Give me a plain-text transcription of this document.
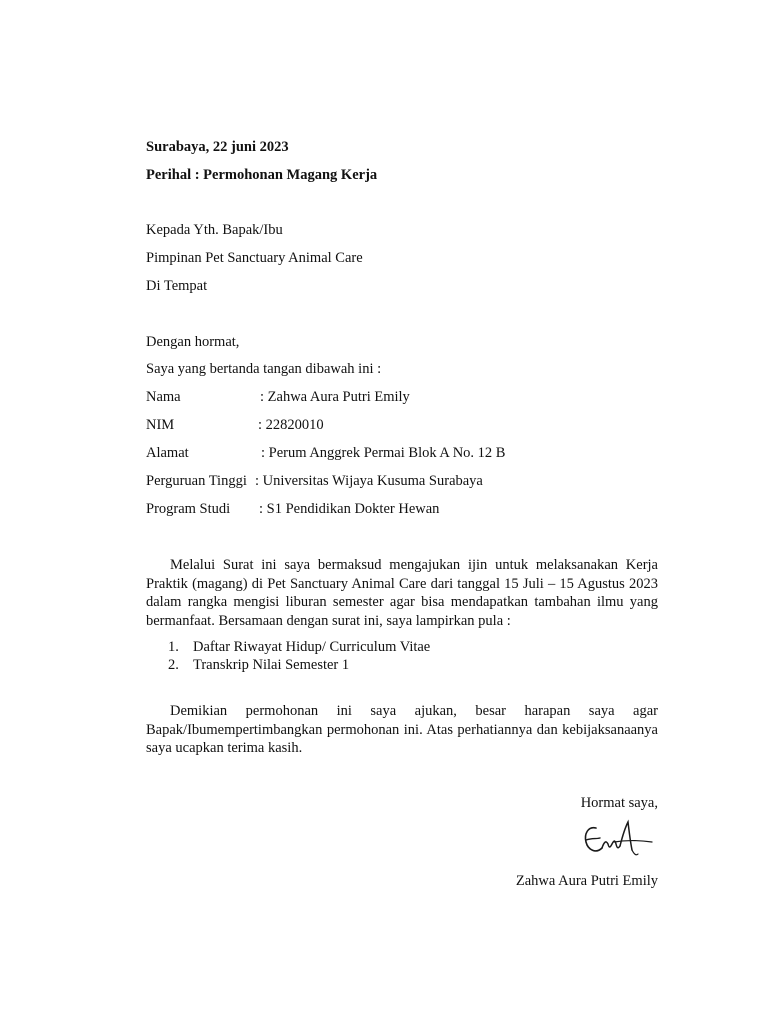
Surabaya, 22 juni 2023
Perihal : Permohonan Magang Kerja
Kepada Yth. Bapak/Ibu
Pimpinan Pet Sanctuary Animal Care
Di Tempat
Dengan hormat,
Saya yang bertanda tangan dibawah ini :
Nama	: Zahwa Aura Putri Emily
NIM	: 22820010
Alamat	: Perum Anggrek Permai Blok A No. 12 B
Perguruan Tinggi : Universitas Wijaya Kusuma Surabaya
Program Studi : S1 Pendidikan Dokter Hewan
Melalui Surat ini saya bermaksud mengajukan ijin untuk melaksanakan Kerja Praktik (magang) di Pet Sanctuary Animal Care dari tanggal 15 Juli – 15 Agustus 2023 dalam rangka mengisi liburan semester agar bisa mendapatkan tambahan ilmu yang bermanfaat. Bersamaan dengan surat ini, saya lampirkan pula :
1. Daftar Riwayat Hidup/ Curriculum Vitae
2. Transkrip Nilai Semester 1
Demikian permohonan ini saya ajukan, besar harapan saya agar Bapak/Ibumempertimbangkan permohonan ini. Atas perhatiannya dan kebijaksanaanya saya ucapkan terima kasih.
Hormat saya,
Zahwa Aura Putri Emily
